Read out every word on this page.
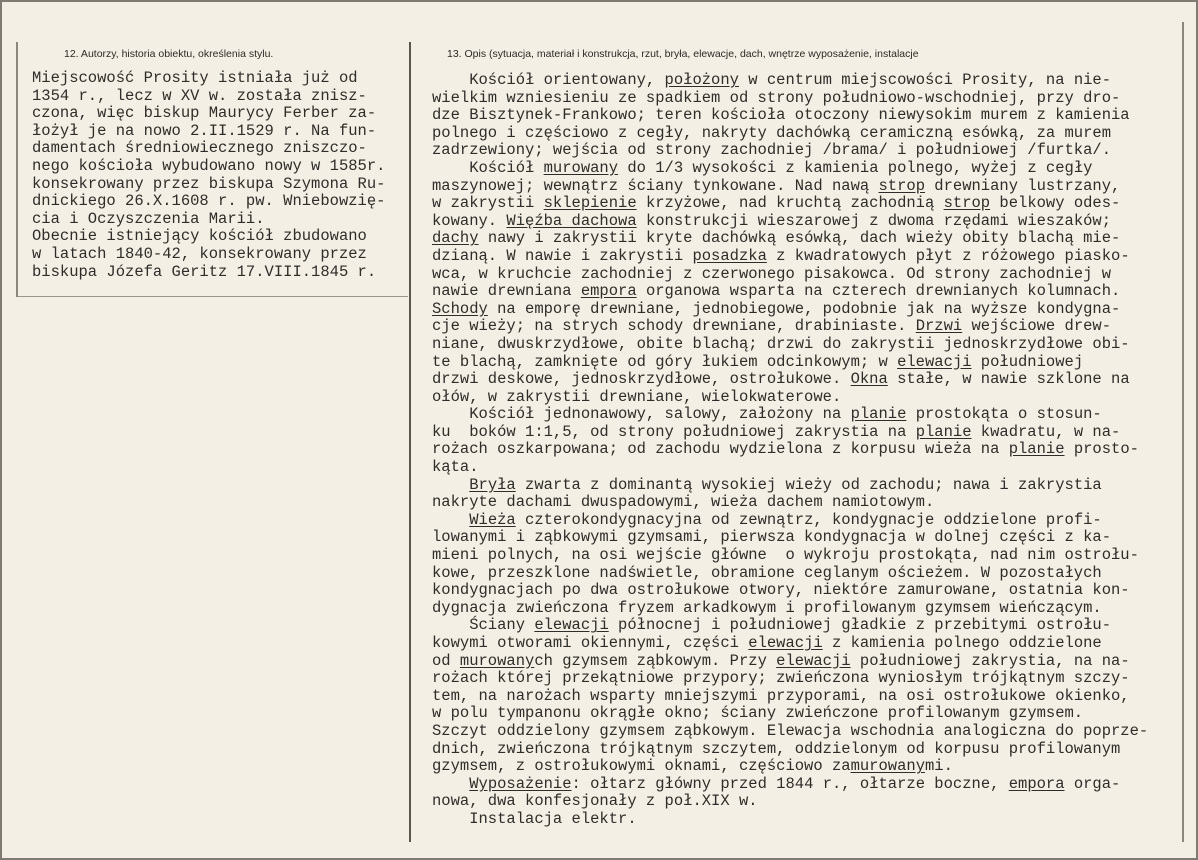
12. Autorzy, historia obiektu, określenia stylu.	13. Opis (sytuacja, materiał i konstrukcja, rzut, bryła, elewacje, dach, wnętrze wyposażenie, instalacje
Miejscowość Prosity istniała już od
1354 r., lecz w XV w. została znisz-
czona, więc biskup Maurycy Ferber za-
łożył je na nowo 2.II.1529 r. Na fun-
damentach średniowiecznego zniszczo-
nego kościoła wybudowano nowy w 1585r.
konsekrowany przez biskupa Szymona Ru-
dnickiego 26.X.1608 r. pw. Wniebowzię-
cia i Oczyszczenia Marii.
Obecnie istniejący kościół zbudowano
w latach 1840-42, konsekrowany przez
biskupa Józefa Geritz 17.VIII.1845 r.
Kościół orientowany, położony w centrum miejscowości Prosity, na nie-
wielkim wzniesieniu ze spadkiem od strony południowo-wschodniej, przy dro-
dze Bisztynek-Frankowo; teren kościoła otoczony niewysokim murem z kamienia
polnego i częściowo z cegły, nakryty dachówką ceramiczną esówką, za murem
zadrzewiony; wejścia od strony zachodniej /brama/ i południowej /furtka/.
Kościół murowany do 1/3 wysokości z kamienia polnego, wyżej z cegły
maszynowej; wewnątrz ściany tynkowane. Nad nawą strop drewniany lustrzany,
w zakrystii sklepienie krzyżowe, nad kruchtą zachodnią strop belkowy odes-
kowany. Więźba dachowa konstrukcji wieszarowej z dwoma rzędami wieszaków;
dachy nawy i zakrystii kryte dachówką esówką, dach wieży obity blachą mie-
dzianą. W nawie i zakrystii posadzka z kwadratowych płyt z różowego piasko-
wca, w kruchcie zachodniej z czerwonego pisakowca. Od strony zachodniej w
nawie drewniana empora organowa wsparta na czterech drewnianych kolumnach.
Schody na emporę drewniane, jednobiegowe, podobnie jak na wyższe kondygna-
cje wieży; na strych schody drewniane, drabiniaste. Drzwi wejściowe drew-
niane, dwuskrzydłowe, obite blachą; drzwi do zakrystii jednoskrzydłowe obi-
te blachą, zamknięte od góry łukiem odcinkowym; w elewacji południowej
drzwi deskowe, jednoskrzydłowe, ostrołukowe. Okna stałe, w nawie szklone na
ołów, w zakrystii drewniane, wielokwaterowe.
Kościół jednonawowy, salowy, założony na planie prostokąta o stosun-
ku  boków 1:1,5, od strony południowej zakrystia na planie kwadratu, w na-
rożach oszkarpowana; od zachodu wydzielona z korpusu wieża na planie prosto-
kąta.
Bryła zwarta z dominantą wysokiej wieży od zachodu; nawa i zakrystia
nakryte dachami dwuspadowymi, wieża dachem namiotowym.
Wieża czterokondygnacyjna od zewnątrz, kondygnacje oddzielone profi-
lowanymi i ząbkowymi gzymsami, pierwsza kondygnacja w dolnej części z ka-
mieni polnych, na osi wejście główne  o wykroju prostokąta, nad nim ostrołu-
kowe, przeszklone nadświetle, obramione ceglanym ościeżem. W pozostałych
kondygnacjach po dwa ostrołukowe otwory, niektóre zamurowane, ostatnia kon-
dygnacja zwieńczona fryzem arkadkowym i profilowanym gzymsem wieńczącym.
Ściany elewacji północnej i południowej gładkie z przebitymi ostrołu-
kowymi otworami okiennymi, części elewacji z kamienia polnego oddzielone
od murowanych gzymsem ząbkowym. Przy elewacji południowej zakrystia, na na-
rożach której przekątniowe przypory; zwieńczona wyniosłym trójkątnym szczy-
tem, na narożach wsparty mniejszymi przyporami, na osi ostrołukowe okienko,
w polu tympanonu okrągłe okno; ściany zwieńczone profilowanym gzymsem.
Szczyt oddzielony gzymsem ząbkowym. Elewacja wschodnia analogiczna do poprze-
dnich, zwieńczona trójkątnym szczytem, oddzielonym od korpusu profilowanym
gzymsem, z ostrołukowymi oknami, częściowo zamurowanymi.
Wyposażenie: ołtarz główny przed 1844 r., ołtarze boczne, empora orga-
nowa, dwa konfesjonały z poł.XIX w.
Instalacja elektr.
